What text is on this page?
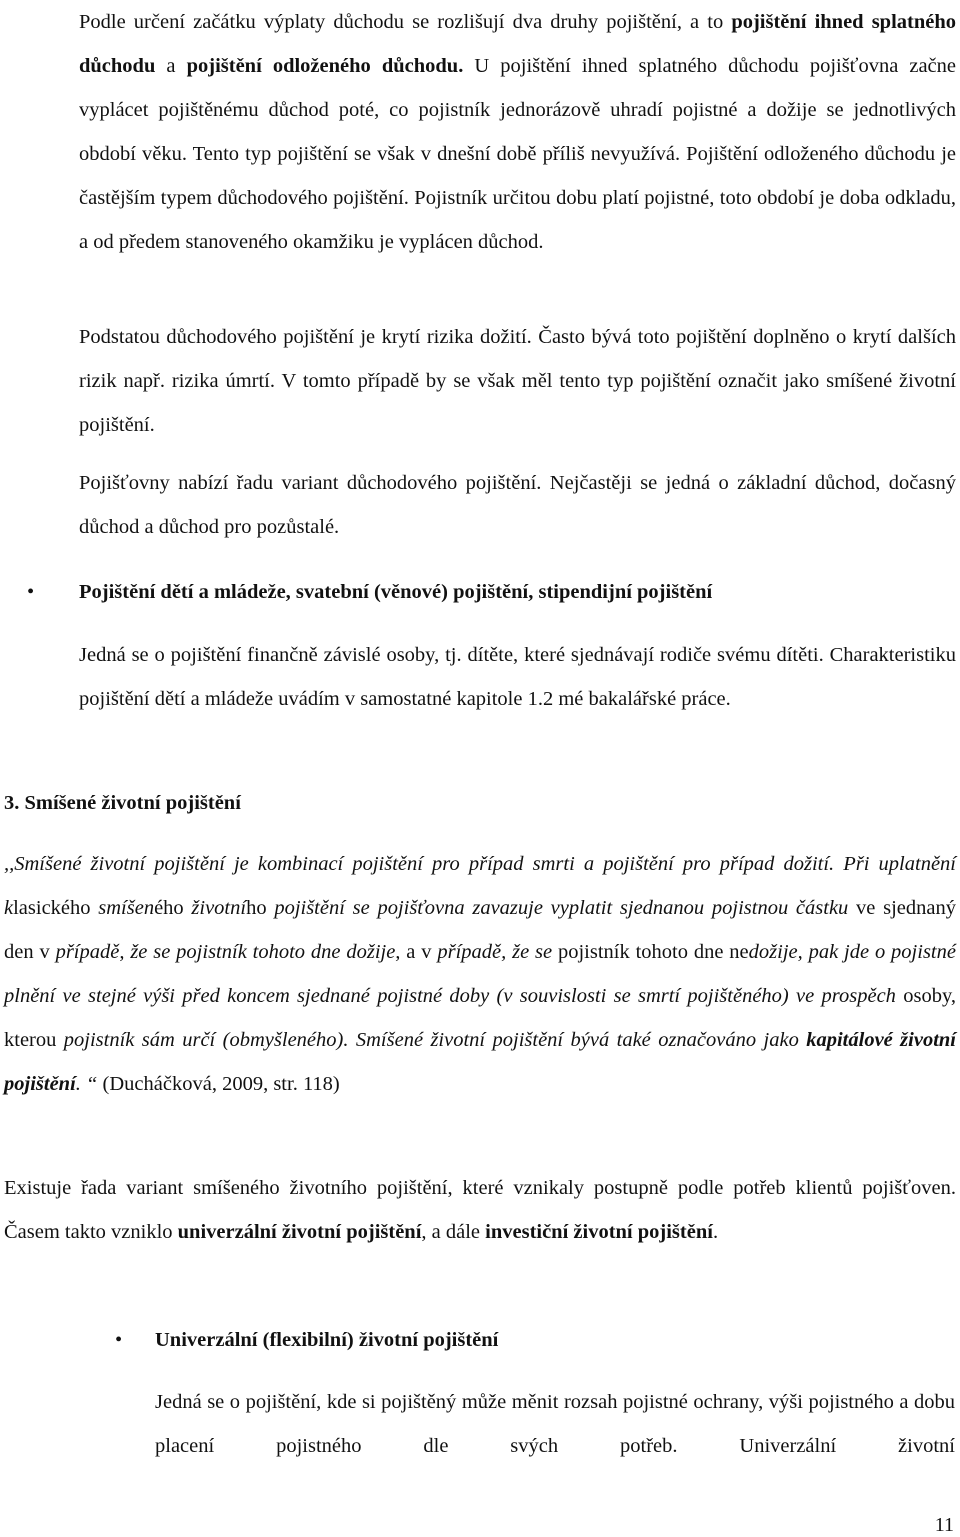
Podle určení začátku výplaty důchodu se rozlišují dva druhy pojištění, a to pojištění ihned splatného důchodu a pojištění odloženého důchodu. U pojištění ihned splatného důchodu pojišťovna začne vyplácet pojištěnému důchod poté, co pojistník jednorázově uhradí pojistné a dožije se jednotlivých období věku. Tento typ pojištění se však v dnešní době příliš nevyužívá. Pojištění odloženého důchodu je častějším typem důchodového pojištění. Pojistník určitou dobu platí pojistné, toto období je doba odkladu, a od předem stanoveného okamžiku je vyplácen důchod.

Podstatou důchodového pojištění je krytí rizika dožití. Často bývá toto pojištění doplněno o krytí dalších rizik např. rizika úmrtí. V tomto případě by se však měl tento typ pojištění označit jako smíšené životní pojištění.

Pojišťovny nabízí řadu variant důchodového pojištění. Nejčastěji se jedná o základní důchod, dočasný důchod a důchod pro pozůstalé.

• Pojištění dětí a mládeže, svatební (věnové) pojištění, stipendijní pojištění

Jedná se o pojištění finančně závislé osoby, tj. dítěte, které sjednávají rodiče svému dítěti. Charakteristiku pojištění dětí a mládeže uvádím v samostatné kapitole 1.2 mé bakalářské práce.

3. Smíšené životní pojištění

,,Smíšené životní pojištění je kombinací pojištění pro případ smrti a pojištění pro případ dožití. Při uplatnění klasického smíšeného životního pojištění se pojišťovna zavazuje vyplatit sjednanou pojistnou částku ve sjednaný den v případě, že se pojistník tohoto dne dožije, a v případě, že se pojistník tohoto dne nedožije, pak jde o pojistné plnění ve stejné výši před koncem sjednané pojistné doby (v souvislosti se smrtí pojištěného) ve prospěch osoby, kterou pojistník sám určí (obmyšleného). Smíšené životní pojištění bývá také označováno jako kapitálové životní pojištění. “ (Ducháčková, 2009, str. 118)

Existuje řada variant smíšeného životního pojištění, které vznikaly postupně podle potřeb klientů pojišťoven. Časem takto vzniklo univerzální životní pojištění, a dále investiční životní pojištění.

• Univerzální (flexibilní) životní pojištění

Jedná se o pojištění, kde si pojištěný může měnit rozsah pojistné ochrany, výši pojistného a dobu placení pojistného dle svých potřeb. Univerzální životní

11
